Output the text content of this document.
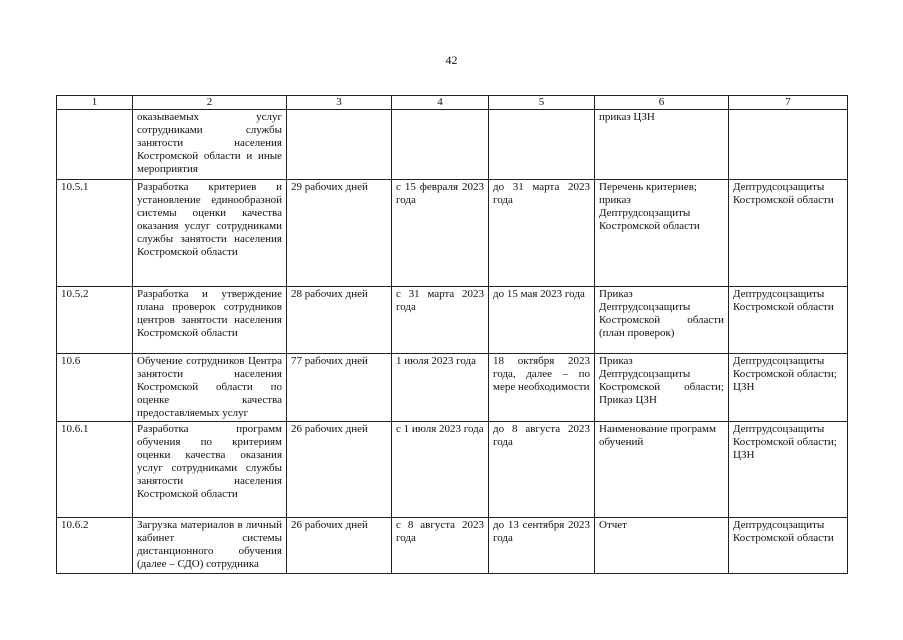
42
1	2	3	4	5	6	7
	оказываемых услуг сотрудниками службы занятости населения Костромской области и иные мероприятия				приказ ЦЗН	
10.5.1	Разработка критериев и установление единообразной системы оценки качества оказания услуг сотрудниками службы занятости населения Костромской области	29 рабочих дней	с 15 февраля 2023 года	до 31 марта 2023 года	Перечень критериев; приказ Дептрудсоцзащиты Костромской области	Дептрудсоцзащиты Костромской области
10.5.2	Разработка и утверждение плана проверок сотрудников центров занятости населения Костромской области	28 рабочих дней	с 31 марта 2023 года	до 15 мая 2023 года	Приказ Дептрудсоцзащиты Костромской области (план проверок)	Дептрудсоцзащиты Костромской области
10.6	Обучение сотрудников Центра занятости населения Костромской области по оценке качества предоставляемых услуг	77 рабочих дней	1 июля 2023 года	18 октября 2023 года, далее – по мере необходимости	Приказ Дептрудсоцзащиты Костромской области; Приказ ЦЗН	Дептрудсоцзащиты Костромской области; ЦЗН
10.6.1	Разработка программ обучения по критериям оценки качества оказания услуг сотрудниками службы занятости населения Костромской области	26 рабочих дней	с 1 июля 2023 года	до 8 августа 2023 года	Наименование программ обучений	Дептрудсоцзащиты Костромской области; ЦЗН
10.6.2	Загрузка материалов в личный кабинет системы дистанционного обучения (далее – СДО) сотрудника	26 рабочих дней	с 8 августа 2023 года	до 13 сентября 2023 года	Отчет	Дептрудсоцзащиты Костромской области
